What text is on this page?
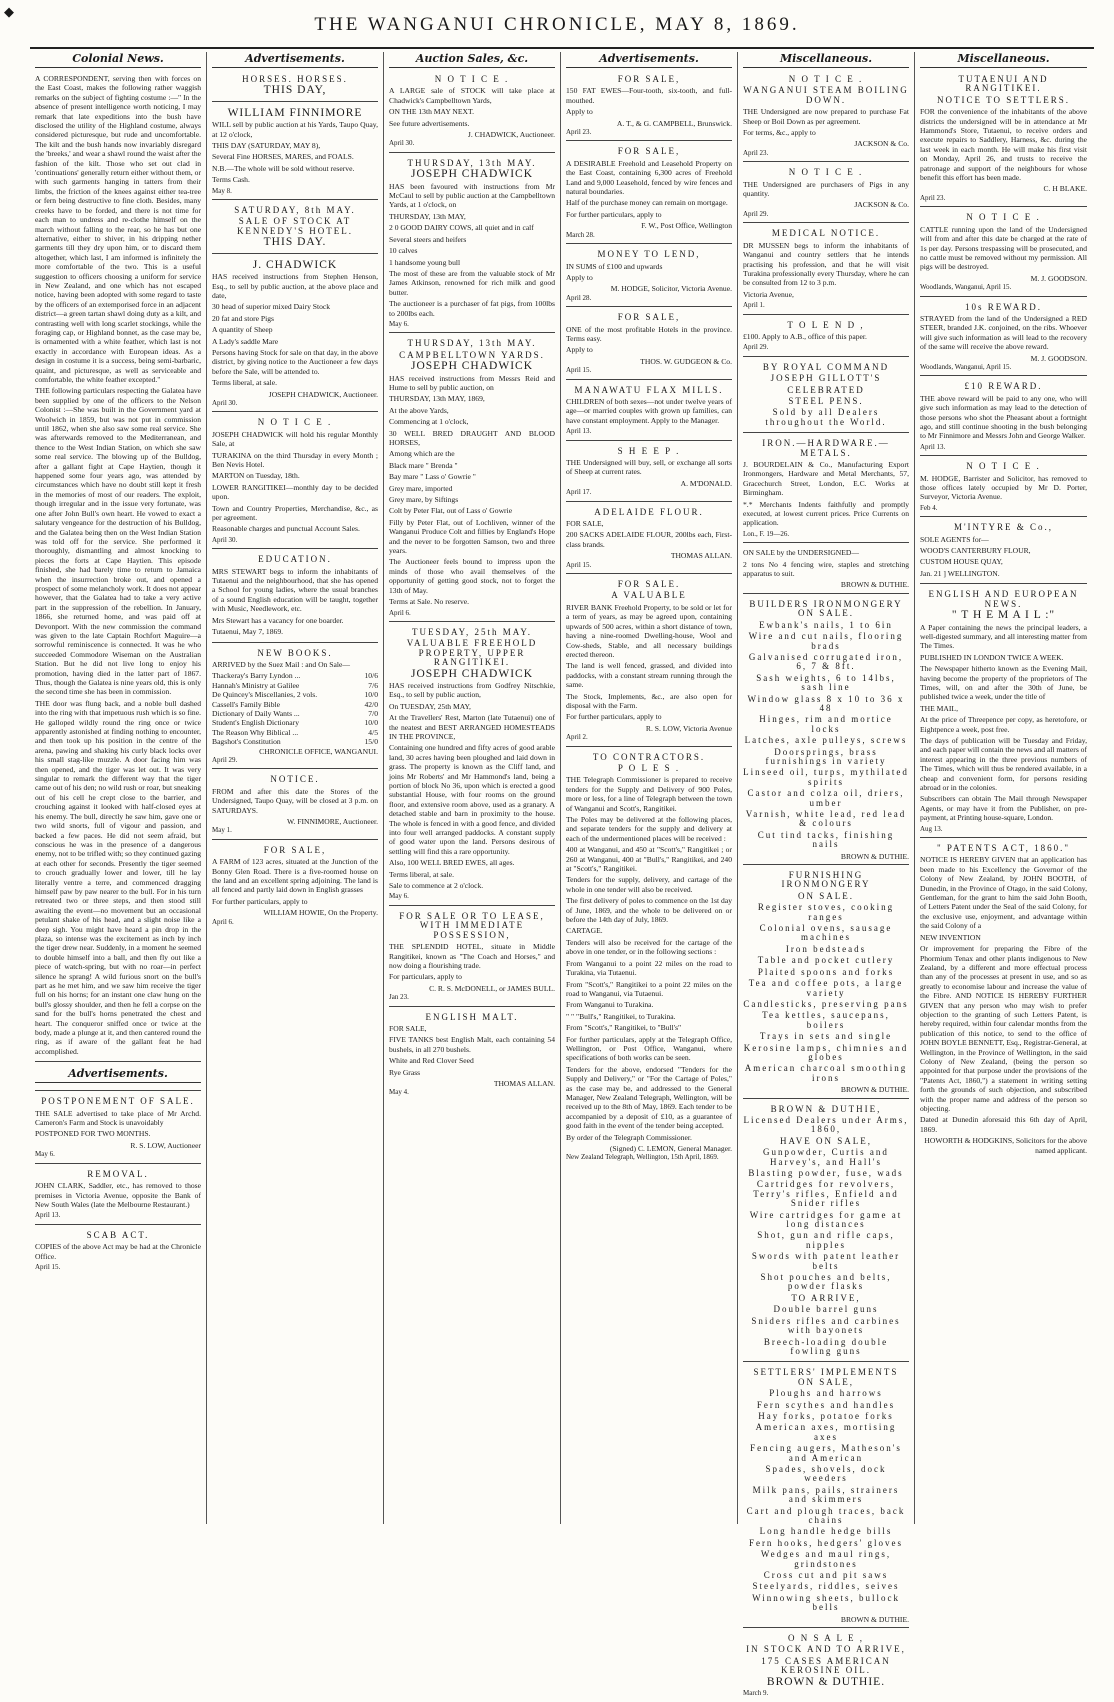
◆
THE WANGANUI CHRONICLE, MAY 8, 1869.
Colonial News.

A CORRESPONDENT, serving then with forces on the East Coast, makes the following rather waggish remarks on the subject of fighting costume :—" In the absence of present intelligence worth noticing, I may remark that late expeditions into the bush have disclosed the utility of the Highland costume, always considered picturesque, but rude and uncomfortable. The kilt and the bush hands now invariably disregard the 'breeks,' and wear a shawl round the waist after the fashion of the kilt. Those who set out clad in 'continuations' generally return either without them, or with such garments hanging in tatters from their limbs, the friction of the knees against either tea-tree or fern being destructive to fine cloth. Besides, many creeks have to be forded, and there is not time for each man to undress and re-clothe himself on the march without falling to the rear, so he has but one alternative, either to shiver, in his dripping nether garments till they dry upon him, or to discard them altogether, which last, I am informed is infinitely the more comfortable of the two. This is a useful suggestion to officers choosing a uniform for service in New Zealand, and one which has not escaped notice, having been adopted with some regard to taste by the officers of an extemporised force in an adjacent district—a green tartan shawl doing duty as a kilt, and contrasting well with long scarlet stockings, while the foraging cap, or Highland bonnet, as the case may be, is ornamented with a white feather, which last is not exactly in accordance with European ideas. As a design in costume it is a success, being semi-barbaric, quaint, and picturesque, as well as serviceable and comfortable, the white feather excepted."

THE following particulars respecting the Galatea have been supplied by one of the officers to the Nelson Colonist :—She was built in the Government yard at Woolwich in 1859, but was not put in commission until 1862, when she also saw some real service. She was afterwards removed to the Mediterranean, and thence to the West Indian Station, on which she saw some real service. The blowing up of the Bulldog, after a gallant fight at Cape Haytien, though it happened some four years ago, was attended by circumstances which have no doubt still kept it fresh in the memories of most of our readers. The exploit, though irregular and in the issue very fortunate, was one after John Bull's own heart. He vowed to exact a salutary vengeance for the destruction of his Bulldog, and the Galatea being then on the West Indian Station was told off for the service. She performed it thoroughly, dismantling and almost knocking to pieces the forts at Cape Haytien. This episode finished, she had barely time to return to Jamaica when the insurrection broke out, and opened a prospect of some melancholy work. It does not appear however, that the Galatea had to take a very active part in the suppression of the rebellion. In January, 1866, she returned home, and was paid off at Devonport. With the new commission the command was given to the late Captain Rochfort Maguire—a sorrowful reminiscence is connected. It was he who succeeded Commodore Wiseman on the Australian Station. But he did not live long to enjoy his promotion, having died in the latter part of 1867. Thus, though the Galatea is nine years old, this is only the second time she has been in commission.

THE door was flung back, and a noble bull dashed into the ring with that impetuous rush which is so fine. He galloped wildly round the ring once or twice apparently astonished at finding nothing to encounter, and then took up his position in the centre of the arena, pawing and shaking his curly black locks over his small stag-like muzzle. A door facing him was then opened, and the tiger was let out. It was very singular to remark the different way that the tiger came out of his den; no wild rush or roar, but sneaking out of his cell he crept close to the barrier, and crouching against it looked with half-closed eyes at his enemy. The bull, directly he saw him, gave one or two wild snorts, full of vigour and passion, and backed a few paces. He did not seem afraid, but conscious he was in the presence of a dangerous enemy, not to be trifled with; so they continued gazing at each other for seconds. Presently the tiger seemed to crouch gradually lower and lower, till he lay literally ventre a terre, and commenced dragging himself paw by paw nearer to the bull. For in his turn retreated two or three steps, and then stood still awaiting the event—no movement but an occasional petulant shake of his head, and a slight noise like a deep sigh. You might have heard a pin drop in the plaza, so intense was the excitement as inch by inch the tiger drew near. Suddenly, in a moment he seemed to double himself into a ball, and then fly out like a piece of watch-spring, but with no roar—in perfect silence he sprang! A wild furious snort on the bull's part as he met him, and we saw him receive the tiger full on his horns; for an instant one claw hung on the bull's glossy shoulder, and then he fell a corpse on the sand for the bull's horns penetrated the chest and heart. The conqueror sniffed once or twice at the body, made a plunge at it, and then cantered round the ring, as if aware of the gallant feat he had accomplished.

Advertisements.
POSTPONEMENT OF SALE.

THE SALE advertised to take place of Mr Archd. Cameron's Farm and Stock is unavoidably

POSTPONED FOR TWO MONTHS.

R. S. LOW, Auctioneer

May 6.

REMOVAL.

JOHN CLARK, Saddler, etc., has removed to those premises in Victoria Avenue, opposite the Bank of New South Wales (late the Melbourne Restaurant.)

April 13.

SCAB ACT.

COPIES of the above Act may be had at the Chronicle Office.

April 15.

Advertisements.
HORSES. HORSES.
THIS DAY,
WILLIAM FINNIMORE

WILL sell by public auction at his Yards, Taupo Quay, at 12 o'clock,

THIS DAY (SATURDAY, MAY 8),

Several Fine HORSES, MARES, and FOALS.

N.B.—The whole will be sold without reserve.

Terms Cash.

May 8.

SATURDAY, 8th MAY.
SALE OF STOCK AT KENNEDY'S HOTEL.
THIS DAY.
J. CHADWICK

HAS received instructions from Stephen Henson, Esq., to sell by public auction, at the above place and date,

30 head of superior mixed Dairy Stock

20 fat and store Pigs

A quantity of Sheep

A Lady's saddle Mare

Persons having Stock for sale on that day, in the above district, by giving notice to the Auctioneer a few days before the Sale, will be attended to.

Terms liberal, at sale.

JOSEPH CHADWICK, Auctioneer.

April 30.

N O T I C E .

JOSEPH CHADWICK will hold his regular Monthly Sale, at

TURAKINA on the third Thursday in every Month ; Ben Nevis Hotel.

MARTON on Tuesday, 18th.

LOWER RANGITIKEI—monthly day to be decided upon.

Town and Country Properties, Merchandise, &c., as per agreement.

Reasonable charges and punctual Account Sales.

April 30.

EDUCATION.

MRS STEWART begs to inform the inhabitants of Tutaenui and the neighbourhood, that she has opened a School for young ladies, where the usual branches of a sound English education will be taught, together with Music, Needlework, etc.

Mrs Stewart has a vacancy for one boarder.

Tutaenui, May 7, 1869.

NEW BOOKS.

ARRIVED by the Suez Mail : and On Sale—

Thackeray's Barry Lyndon ...	10/6
Hannah's Ministry at Galilee	7/6
De Quincey's Miscellanies, 2 vols.	10/0
Cassell's Family Bible	42/0
Dictionary of Daily Wants ...	7/0
Student's English Dictionary	10/0
The Reason Why Biblical ...	4/5
Bagshot's Constitution	15/0

CHRONICLE OFFICE, WANGANUI.

April 29.

NOTICE.

FROM and after this date the Stores of the Undersigned, Taupo Quay, will be closed at 3 p.m. on SATURDAYS.

W. FINNIMORE, Auctioneer.

May 1.

FOR SALE,

A FARM of 123 acres, situated at the Junction of the Bonny Glen Road. There is a five-roomed house on the land and an excellent spring adjoining. The land is all fenced and partly laid down in English grasses

For further particulars, apply to

WILLIAM HOWIE, On the Property.

April 6.

Auction Sales, &c.
N O T I C E .

A LARGE sale of STOCK will take place at Chadwick's Campbelltown Yards,

ON THE 13th MAY NEXT.

See future advertisements.

J. CHADWICK, Auctioneer.

April 30.

THURSDAY, 13th MAY.
JOSEPH CHADWICK

HAS been favoured with instructions from Mr McCaul to sell by public auction at the Campbelltown Yards, at 1 o'clock, on

THURSDAY, 13th MAY,

2 0 GOOD DAIRY COWS, all quiet and in calf

Several steers and heifers

10 calves

1 handsome young bull

The most of these are from the valuable stock of Mr James Atkinson, renowned for rich milk and good butter.

The auctioneer is a purchaser of fat pigs, from 100lbs to 200lbs each.

May 6.

THURSDAY, 13th MAY.
CAMPBELLTOWN YARDS.
JOSEPH CHADWICK

HAS received instructions from Messrs Reid and Hume to sell by public auction, on

THURSDAY, 13th MAY, 1869,

At the above Yards,

Commencing at 1 o'clock,

30 WELL BRED DRAUGHT AND BLOOD HORSES,

Among which are the

Black mare " Brenda "

Bay mare " Lass o' Gowrie "

Grey mare, imported

Grey mare, by Siftings

Colt by Peter Flat, out of Lass o' Gowrie

Filly by Peter Flat, out of Lochliven, winner of the Wanganui Produce Colt and fillies by England's Hope and the never to be forgotten Samson, two and three years.

The Auctioneer feels bound to impress upon the minds of those who avail themselves of the opportunity of getting good stock, not to forget the 13th of May.

Terms at Sale. No reserve.

April 6.

TUESDAY, 25th MAY.
VALUABLE FREEHOLD PROPERTY, UPPER RANGITIKEI.
JOSEPH CHADWICK

HAS received instructions from Godfrey Nitschkie, Esq., to sell by public auction,

On TUESDAY, 25th MAY,

At the Travellers' Rest, Marton (late Tutaenui) one of the neatest and BEST ARRANGED HOMESTEADS IN THE PROVINCE,

Containing one hundred and fifty acres of good arable land, 30 acres having been ploughed and laid down in grass. The property is known as the Cliff land, and joins Mr Roberts' and Mr Hammond's land, being a portion of block No 36, upon which is erected a good substantial House, with four rooms on the ground floor, and extensive room above, used as a granary. A detached stable and barn in proximity to the house. The whole is fenced in with a good fence, and divided into four well arranged paddocks. A constant supply of good water upon the land. Persons desirous of settling will find this a rare opportunity.

Also, 100 WELL BRED EWES, all ages.

Terms liberal, at sale.

Sale to commence at 2 o'clock.

May 6.

FOR SALE OR TO LEASE, WITH IMMEDIATE POSSESSION,

THE SPLENDID HOTEL, situate in Middle Rangitikei, known as "The Coach and Horses," and now doing a flourishing trade.

For particulars, apply to

C. R. S. McDONELL, or JAMES BULL.

Jan 23.

ENGLISH MALT.

FOR SALE,

FIVE TANKS best English Malt, each containing 54 bushels, in all 270 bushels.

White and Red Clover Seed

Rye Grass

THOMAS ALLAN.

May 4.

Advertisements.
FOR SALE,

150 FAT EWES—Four-tooth, six-tooth, and full-mouthed.

Apply to

A. T., & G. CAMPBELL, Brunswick.

April 23.

FOR SALE,

A DESIRABLE Freehold and Leasehold Property on the East Coast, containing 6,300 acres of Freehold Land and 9,000 Leasehold, fenced by wire fences and natural boundaries.

Half of the purchase money can remain on mortgage.

For further particulars, apply to

F. W., Post Office, Wellington

March 28.

MONEY TO LEND,

IN SUMS of £100 and upwards

Apply to

M. HODGE, Solicitor, Victoria Avenue.

April 28.

FOR SALE,

ONE of the most profitable Hotels in the province. Terms easy.

Apply to

THOS. W. GUDGEON & Co.

April 15.

MANAWATU FLAX MILLS.

CHILDREN of both sexes—not under twelve years of age—or married couples with grown up families, can have constant employment. Apply to the Manager.

April 13.

S H E E P .

THE Undersigned will buy, sell, or exchange all sorts of Sheep at current rates.

A. M'DONALD.

April 17.

ADELAIDE FLOUR.

FOR SALE,

200 SACKS ADELAIDE FLOUR, 200lbs each, First-class brands.

THOMAS ALLAN.

April 15.

FOR SALE.
A VALUABLE

RIVER BANK Freehold Property, to be sold or let for a term of years, as may be agreed upon, containing upwards of 500 acres, within a short distance of town, having a nine-roomed Dwelling-house, Wool and Cow-sheds, Stable, and all necessary buildings erected thereon.

The land is well fenced, grassed, and divided into paddocks, with a constant stream running through the same.

The Stock, Implements, &c., are also open for disposal with the Farm.

For further particulars, apply to

R. S. LOW, Victoria Avenue

April 2.

TO CONTRACTORS.
P O L E S .

THE Telegraph Commissioner is prepared to receive tenders for the Supply and Delivery of 900 Poles, more or less, for a line of Telegraph between the town of Wanganui and Scott's, Rangitikei.

The Poles may be delivered at the following places, and separate tenders for the supply and delivery at each of the undermentioned places will be received :

400 at Wanganui, and 450 at "Scott's," Rangitikei ; or 260 at Wanganui, 400 at "Bull's," Rangitikei, and 240 at "Scott's," Rangitikei.

Tenders for the supply, delivery, and cartage of the whole in one tender will also be received.

The first delivery of poles to commence on the 1st day of June, 1869, and the whole to be delivered on or before the 14th day of July, 1869.

CARTAGE.

Tenders will also be received for the cartage of the above in one tender, or in the following sections :

From Wanganui to a point 22 miles on the road to Turakina, via Tutaenui.

From "Scott's," Rangitikei to a point 22 miles on the road to Wanganui, via Tutaenui.

From Wanganui to Turakina.

" " "Bull's," Rangitikei, to Turakina.

From "Scott's," Rangitikei, to "Bull's"

For further particulars, apply at the Telegraph Office, Wellington, or Post Office, Wanganui, where specifications of both works can be seen.

Tenders for the above, endorsed "Tenders for the Supply and Delivery," or "For the Cartage of Poles," as the case may be, and addressed to the General Manager, New Zealand Telegraph, Wellington, will be received up to the 8th of May, 1869. Each tender to be accompanied by a deposit of £10, as a guarantee of good faith in the event of the tender being accepted.

By order of the Telegraph Commissioner.

(Signed) C. LEMON, General Manager.

New Zealand Telegraph, Wellington, 15th April, 1869.

Miscellaneous.
N O T I C E .
WANGANUI STEAM BOILING DOWN.

THE Undersigned are now prepared to purchase Fat Sheep or Boil Down as per agreement.

For terms, &c., apply to

JACKSON & Co.

April 23.

N O T I C E .

THE Undersigned are purchasers of Pigs in any quantity.

JACKSON & Co.

April 29.

MEDICAL NOTICE.

DR MUSSEN begs to inform the inhabitants of Wanganui and country settlers that he intends practising his profession, and that he will visit Turakina professionally every Thursday, where he can be consulted from 12 to 3 p.m.

Victoria Avenue,

April 1.

T O L E N D ,

£100. Apply to A.B., office of this paper.

April 29.

BY ROYAL COMMAND
JOSEPH GILLOTT'S
CELEBRATED
STEEL PENS.
Sold by all Dealers throughout the World.
IRON.—HARDWARE.—METALS.

J. BOURDELAIN & Co., Manufacturing Export Ironmongers, Hardware and Metal Merchants, 57, Gracechurch Street, London, E.C. Works at Birmingham.

*.* Merchants Indents faithfully and promptly executed, at lowest current prices. Price Currents on application.

Lon., F. 19—26.

ON SALE by the UNDERSIGNED—

2 tons No 4 fencing wire, staples and stretching apparatus to suit.

BROWN & DUTHIE.

BUILDERS IRONMONGERY ON SALE.
Ewbank's nails, 1 to 6in
Wire and cut nails, flooring brads
Galvanised corrugated iron, 6, 7 & 8ft.
Sash weights, 6 to 14lbs, sash line
Window glass 8 x 10 to 36 x 48
Hinges, rim and mortice locks
Latches, axle pulleys, screws
Doorsprings, brass furnishings in variety
Linseed oil, turps, mythilated spirits
Castor and colza oil, driers, umber
Varnish, white lead, red lead & colours
Cut tind tacks, finishing nails

BROWN & DUTHIE.

FURNISHING IRONMONGERY
ON SALE.
Register stoves, cooking ranges
Colonial ovens, sausage machines
Iron bedsteads
Table and pocket cutlery
Plaited spoons and forks
Tea and coffee pots, a large variety
Candlesticks, preserving pans
Tea kettles, saucepans, boilers
Trays in sets and single
Kerosine lamps, chimnies and globes
American charcoal smoothing irons

BROWN & DUTHIE.

BROWN & DUTHIE,
Licensed Dealers under Arms, 1860,
HAVE ON SALE,
Gunpowder, Curtis and Harvey's, and Hall's
Blasting powder, fuse, wads
Cartridges for revolvers, Terry's rifles, Enfield and Snider rifles
Wire cartridges for game at long distances
Shot, gun and rifle caps, nipples
Swords with patent leather belts
Shot pouches and belts, powder flasks
TO ARRIVE,
Double barrel guns
Sniders rifles and carbines with bayonets
Breech-loading double fowling guns
SETTLERS' IMPLEMENTS ON SALE,
Ploughs and harrows
Fern scythes and handles
Hay forks, potatoe forks
American axes, mortising axes
Fencing augers, Matheson's and American
Spades, shovels, dock weeders
Milk pans, pails, strainers and skimmers
Cart and plough traces, back chains
Long handle hedge bills
Fern hooks, hedgers' gloves
Wedges and maul rings, grindstones
Cross cut and pit saws
Steelyards, riddles, seives
Winnowing sheets, bullock bells

BROWN & DUTHIE.

O N S A L E ,
IN STOCK AND TO ARRIVE,
175 CASES AMERICAN KEROSINE OIL.
BROWN & DUTHIE.

March 9.

Miscellaneous.
TUTAENUI AND RANGITIKEI.
NOTICE TO SETTLERS.

FOR the convenience of the inhabitants of the above districts the undersigned will be in attendance at Mr Hammond's Store, Tutaenui, to receive orders and execute repairs to Saddlery, Harness, &c. during the last week in each month. He will make his first visit on Monday, April 26, and trusts to receive the patronage and support of the neighbours for whose benefit this effort has been made.

C. H BLAKE.

April 23.

N O T I C E .

CATTLE running upon the land of the Undersigned will from and after this date be charged at the rate of 1s per day. Persons trespassing will be prosecuted, and no cattle must be removed without my permission. All pigs will be destroyed.

M. J. GOODSON.

Woodlands, Wanganui, April 15.

10s REWARD.

STRAYED from the land of the Undersigned a RED STEER, branded J.K. conjoined, on the ribs. Whoever will give such information as will lead to the recovery of the same will receive the above reward.

M. J. GOODSON.

Woodlands, Wanganui, April 15.

£10 REWARD.

THE above reward will be paid to any one, who will give such information as may lead to the detection of those persons who shot the Pheasant about a fortnight ago, and still continue shooting in the bush belonging to Mr Finnimore and Messrs John and George Walker.

April 13.

N O T I C E .

M. HODGE, Barrister and Solicitor, has removed to those offices lately occupied by Mr D. Porter, Surveyor, Victoria Avenue.

Feb 4.

M'INTYRE & Co.,

SOLE AGENTS for—

WOOD'S CANTERBURY FLOUR,

CUSTOM HOUSE QUAY,

Jan. 21 ] WELLINGTON.

ENGLISH AND EUROPEAN NEWS.
" T H E M A I L :"

A Paper containing the news the principal leaders, a well-digested summary, and all interesting matter from The Times.

PUBLISHED IN LONDON TWICE A WEEK.

The Newspaper hitherto known as the Evening Mail, having become the property of the proprietors of The Times, will, on and after the 30th of June, be published twice a week, under the title of

THE MAIL,

At the price of Threepence per copy, as heretofore, or Eightpence a week, post free.

The days of publication will be Tuesday and Friday, and each paper will contain the news and all matters of interest appearing in the three previous numbers of The Times, which will thus be rendered available, in a cheap and convenient form, for persons residing abroad or in the colonies.

Subscribers can obtain The Mail through Newspaper Agents, or may have it from the Publisher, on pre-payment, at Printing house-square, London.

Aug 13.

" PATENTS ACT, 1860."

NOTICE IS HEREBY GIVEN that an application has been made to his Excellency the Governor of the Colony of New Zealand, by JOHN BOOTH, of Dunedin, in the Province of Otago, in the said Colony, Gentleman, for the grant to him the said John Booth, of Letters Patent under the Seal of the said Colony, for the exclusive use, enjoyment, and advantage within the said Colony of a

NEW INVENTION

Or improvement for preparing the Fibre of the Phormium Tenax and other plants indigenous to New Zealand, by a different and more effectual process than any of the processes at present in use, and so as greatly to economise labour and increase the value of the Fibre. AND NOTICE IS HEREBY FURTHER GIVEN that any person who may wish to prefer objection to the granting of such Letters Patent, is hereby required, within four calendar months from the publication of this notice, to send to the office of JOHN BOYLE BENNETT, Esq., Registrar-General, at Wellington, in the Province of Wellington, in the said Colony of New Zealand, (being the person so appointed for that purpose under the provisions of the "Patents Act, 1860,") a statement in writing setting forth the grounds of such objection, and subscribed with the proper name and address of the person so objecting.

Dated at Dunedin aforesaid this 6th day of April, 1869.

HOWORTH & HODGKINS, Solicitors for the above named applicant.
